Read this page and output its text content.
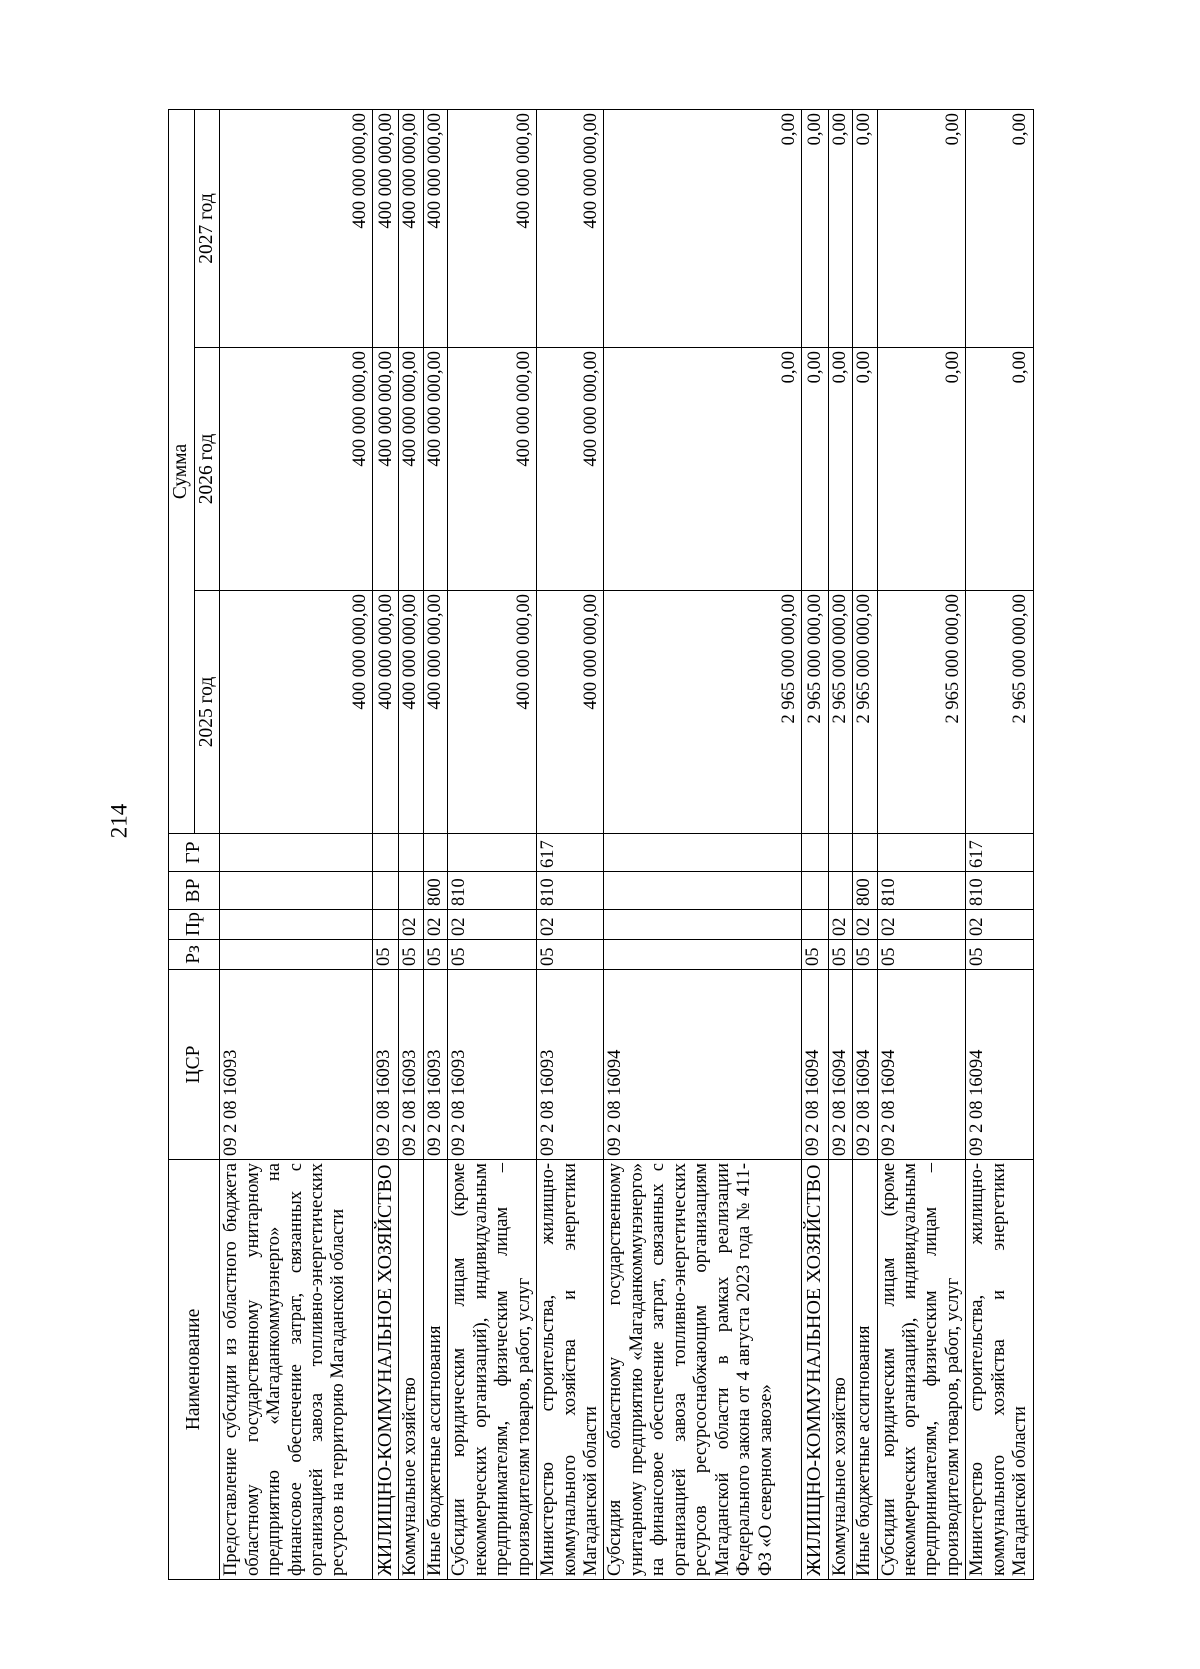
214
Наименование	ЦСР	Рз	Пр	ВР	ГР	Сумма		
						2025 год	2026 год	2027 год
Предоставление субсидии из областного бюджета областному государственному унитарному предприятию «Магаданкоммунэнерго» на финансовое обеспечение затрат, связанных с организацией завоза топливно-энергетических ресурсов на территорию Магаданской области	09 2 08 16093					400 000 000,00	400 000 000,00	400 000 000,00
ЖИЛИЩНО-КОММУНАЛЬНОЕ ХОЗЯЙСТВО	09 2 08 16093	05				400 000 000,00	400 000 000,00	400 000 000,00
Коммунальное хозяйство	09 2 08 16093	05	02			400 000 000,00	400 000 000,00	400 000 000,00
Иные бюджетные ассигнования	09 2 08 16093	05	02	800		400 000 000,00	400 000 000,00	400 000 000,00
Субсидии юридическим лицам (кроме некоммерческих организаций), индивидуальным предпринимателям, физическим лицам – производителям товаров, работ, услуг	09 2 08 16093	05	02	810		400 000 000,00	400 000 000,00	400 000 000,00
Министерство строительства, жилищно-коммунального хозяйства и энергетики Магаданской области	09 2 08 16093	05	02	810	617	400 000 000,00	400 000 000,00	400 000 000,00
Субсидия областному государственному унитарному предприятию «Магаданкоммунэнерго» на финансовое обеспечение затрат, связанных с организацией завоза топливно-энергетических ресурсов ресурсоснабжающим организациям Магаданской области в рамках реализации Федерального закона от 4 августа 2023 года № 411-ФЗ «О северном завозе»	09 2 08 16094					2 965 000 000,00	0,00	0,00
ЖИЛИЩНО-КОММУНАЛЬНОЕ ХОЗЯЙСТВО	09 2 08 16094	05				2 965 000 000,00	0,00	0,00
Коммунальное хозяйство	09 2 08 16094	05	02			2 965 000 000,00	0,00	0,00
Иные бюджетные ассигнования	09 2 08 16094	05	02	800		2 965 000 000,00	0,00	0,00
Субсидии юридическим лицам (кроме некоммерческих организаций), индивидуальным предпринимателям, физическим лицам – производителям товаров, работ, услуг	09 2 08 16094	05	02	810		2 965 000 000,00	0,00	0,00
Министерство строительства, жилищно-коммунального хозяйства и энергетики Магаданской области	09 2 08 16094	05	02	810	617	2 965 000 000,00	0,00	0,00
